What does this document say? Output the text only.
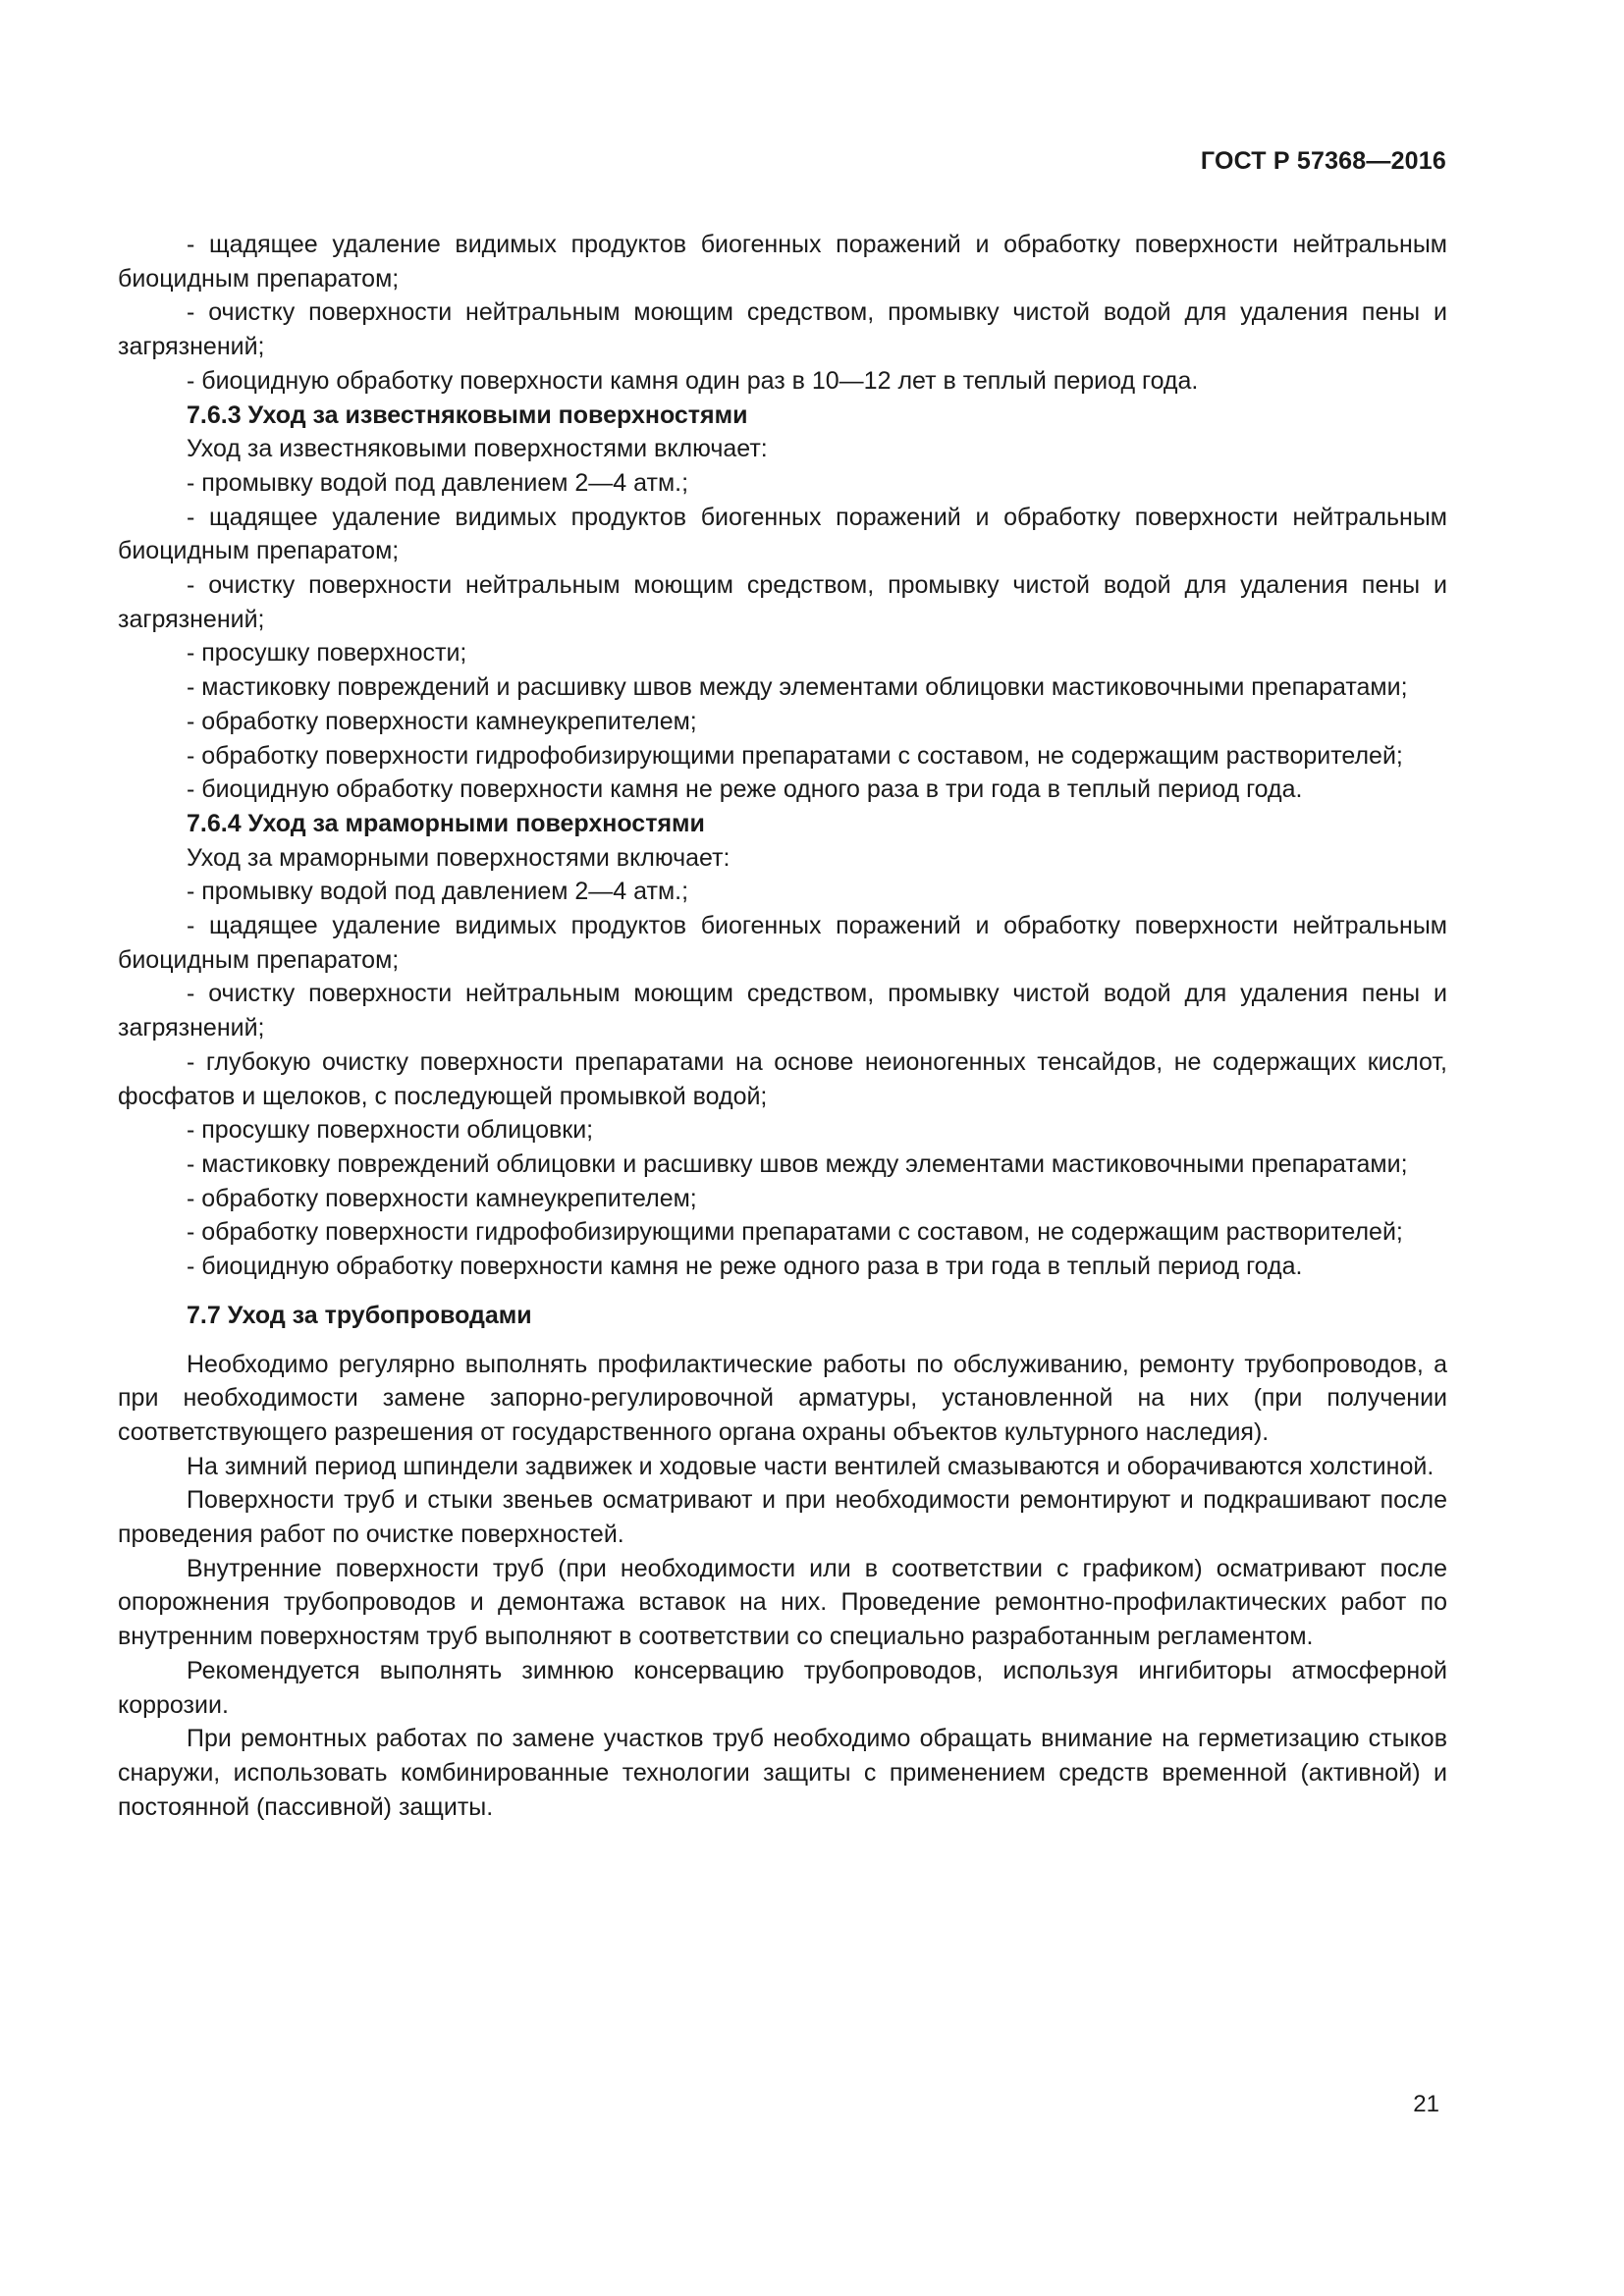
ГОСТ Р 57368—2016

- щадящее удаление видимых продуктов биогенных поражений и обработку поверхности нейтральным биоцидным препаратом;

- очистку поверхности нейтральным моющим средством, промывку чистой водой для удаления пены и загрязнений;

- биоцидную обработку поверхности камня один раз в 10—12 лет в теплый период года.

7.6.3 Уход за известняковыми поверхностями

Уход за известняковыми поверхностями включает:

- промывку водой под давлением 2—4 атм.;

- щадящее удаление видимых продуктов биогенных поражений и обработку поверхности нейтральным биоцидным препаратом;

- очистку поверхности нейтральным моющим средством, промывку чистой водой для удаления пены и загрязнений;

- просушку поверхности;

- мастиковку повреждений и расшивку швов между элементами облицовки мастиковочными препаратами;

- обработку поверхности камнеукрепителем;

- обработку поверхности гидрофобизирующими препаратами с составом, не содержащим растворителей;

- биоцидную обработку поверхности камня не реже одного раза в три года в теплый период года.

7.6.4 Уход за мраморными поверхностями

Уход за мраморными поверхностями включает:

- промывку водой под давлением 2—4 атм.;

- щадящее удаление видимых продуктов биогенных поражений и обработку поверхности нейтральным биоцидным препаратом;

- очистку поверхности нейтральным моющим средством, промывку чистой водой для удаления пены и загрязнений;

- глубокую очистку поверхности препаратами на основе неионогенных тенсайдов, не содержащих кислот, фосфатов и щелоков, с последующей промывкой водой;

- просушку поверхности облицовки;

- мастиковку повреждений облицовки и расшивку швов между элементами мастиковочными препаратами;

- обработку поверхности камнеукрепителем;

- обработку поверхности гидрофобизирующими препаратами с составом, не содержащим растворителей;

- биоцидную обработку поверхности камня не реже одного раза в три года в теплый период года.

7.7 Уход за трубопроводами

Необходимо регулярно выполнять профилактические работы по обслуживанию, ремонту трубопроводов, а при необходимости замене запорно-регулировочной арматуры, установленной на них (при получении соответствующего разрешения от государственного органа охраны объектов культурного наследия).

На зимний период шпиндели задвижек и ходовые части вентилей смазываются и оборачиваются холстиной.

Поверхности труб и стыки звеньев осматривают и при необходимости ремонтируют и подкрашивают после проведения работ по очистке поверхностей.

Внутренние поверхности труб (при необходимости или в соответствии с графиком) осматривают после опорожнения трубопроводов и демонтажа вставок на них. Проведение ремонтно-профилактических работ по внутренним поверхностям труб выполняют в соответствии со специально разработанным регламентом.

Рекомендуется выполнять зимнюю консервацию трубопроводов, используя ингибиторы атмосферной коррозии.

При ремонтных работах по замене участков труб необходимо обращать внимание на герметизацию стыков снаружи, использовать комбинированные технологии защиты с применением средств временной (активной) и постоянной (пассивной) защиты.

21
